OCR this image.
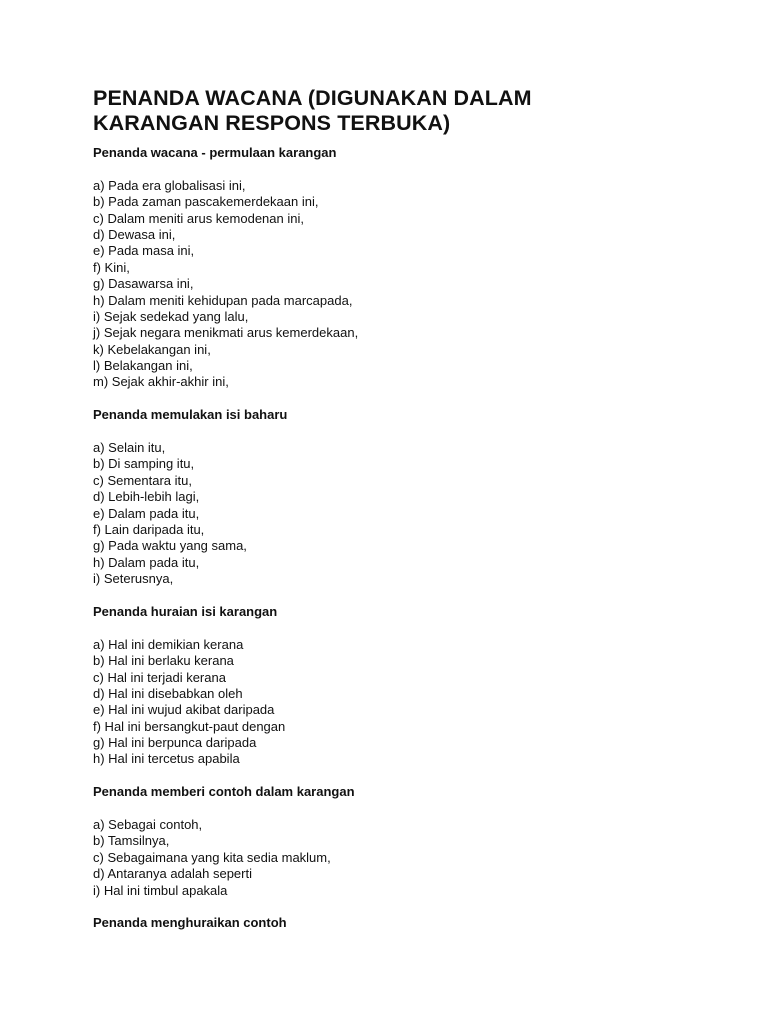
PENANDA WACANA (DIGUNAKAN DALAM
KARANGAN RESPONS TERBUKA)
Penanda wacana - permulaan karangan
a) Pada era globalisasi ini,
b) Pada zaman pascakemerdekaan ini,
c) Dalam meniti arus kemodenan ini,
d) Dewasa ini,
e) Pada masa ini,
f) Kini,
g) Dasawarsa ini,
h) Dalam meniti kehidupan pada marcapada,
i) Sejak sedekad yang lalu,
j) Sejak negara menikmati arus kemerdekaan,
k) Kebelakangan ini,
l) Belakangan ini,
m) Sejak akhir-akhir ini,
Penanda memulakan isi baharu
a) Selain itu,
b) Di samping itu,
c) Sementara itu,
d) Lebih-lebih lagi,
e) Dalam pada itu,
f) Lain daripada itu,
g) Pada waktu yang sama,
h) Dalam pada itu,
i) Seterusnya,
Penanda huraian isi karangan
a) Hal ini demikian kerana
b) Hal ini berlaku kerana
c) Hal ini terjadi kerana
d) Hal ini disebabkan oleh
e) Hal ini wujud akibat daripada
f) Hal ini bersangkut-paut dengan
g) Hal ini berpunca daripada
h) Hal ini tercetus apabila
Penanda memberi contoh dalam karangan
a) Sebagai contoh,
b) Tamsilnya,
c) Sebagaimana yang kita sedia maklum,
d) Antaranya adalah seperti
i) Hal ini timbul apakala
Penanda menghuraikan contoh
